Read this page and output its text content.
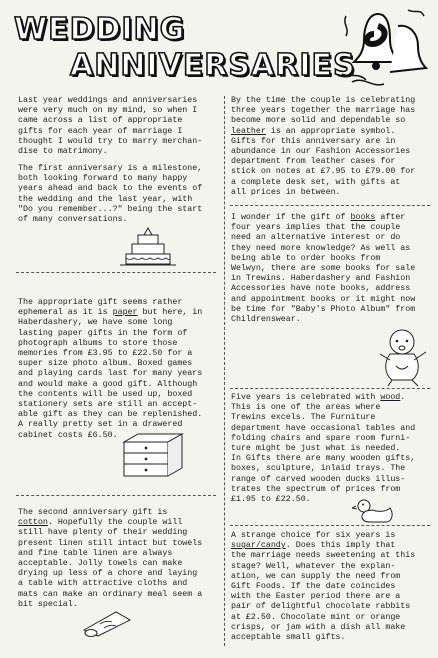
WEDDING
ANNIVERSARIES
Last year weddings and anniversaries
were very much on my mind, so when I
came across a list of appropriate
gifts for each year of marriage I
thought I would try to marry merchan-
dise to matrimony.
The first anniversary is a milestone,
both looking forward to many happy
years ahead and back to the events of
the wedding and the last year, with
"Do you remember...?" being the start
of many conversations.
The appropriate gift seems rather
ephemeral as it is paper but here, in
Haberdashery, we have some long
lasting paper gifts in the form of
photograph albums to store those
memories from £3.95 to £22.50 for a
super size photo album. Boxed games
and playing cards last for many years
and would make a good gift. Although
the contents will be used up, boxed
stationery sets are still an accept-
able gift as they can be replenished.
A really pretty set in a drawered
cabinet costs £6.50.
The second anniversary gift is
cotton. Hopefully the couple will
still have plenty of their wedding
present linen still intact but towels
and fine table linen are always
acceptable. Jolly towels can make
drying up less of a chore and laying
a table with attractive cloths and
mats can make an ordinary meal seem a
bit special.
By the time the couple is celebrating
three years together the marriage has
become more solid and dependable so
leather is an appropriate symbol.
Gifts for this anniversary are in
abundance in our Fashion Accessories
department from leather cases for
stick on notes at £7.95 to £79.00 for
a complete desk set, with gifts at
all prices in between.
I wonder if the gift of books after
four years implies that the couple
need an alternative interest or do
they need more knowledge? As well as
being able to order books from
Welwyn, there are some books for sale
in Trewins. Haberdashery and Fashion
Accessories have note books, address
and appointment books or it might now
be time for "Baby's Photo Album" from
Childrenswear.
Five years is celebrated with wood.
This is one of the areas where
Trewins excels. The Furniture
department have occasional tables and
folding chairs and spare room furni-
ture might be just what is needed.
In Gifts there are many wooden gifts,
boxes, sculpture, inlaid trays. The
range of carved wooden ducks illus-
trates the spectrum of prices from
£1.95 to £22.50.
A strange choice for six years is
sugar/candy. Does this imply that
the marriage needs sweetening at this
stage? Well, whatever the explan-
ation, we can supply the need from
Gift Foods. If the date coincides
with the Easter period there are a
pair of delightful chocolate rabbits
at £2.50. Chocolate mint or orange
crisps, or jam with a dish all make
acceptable small gifts.
